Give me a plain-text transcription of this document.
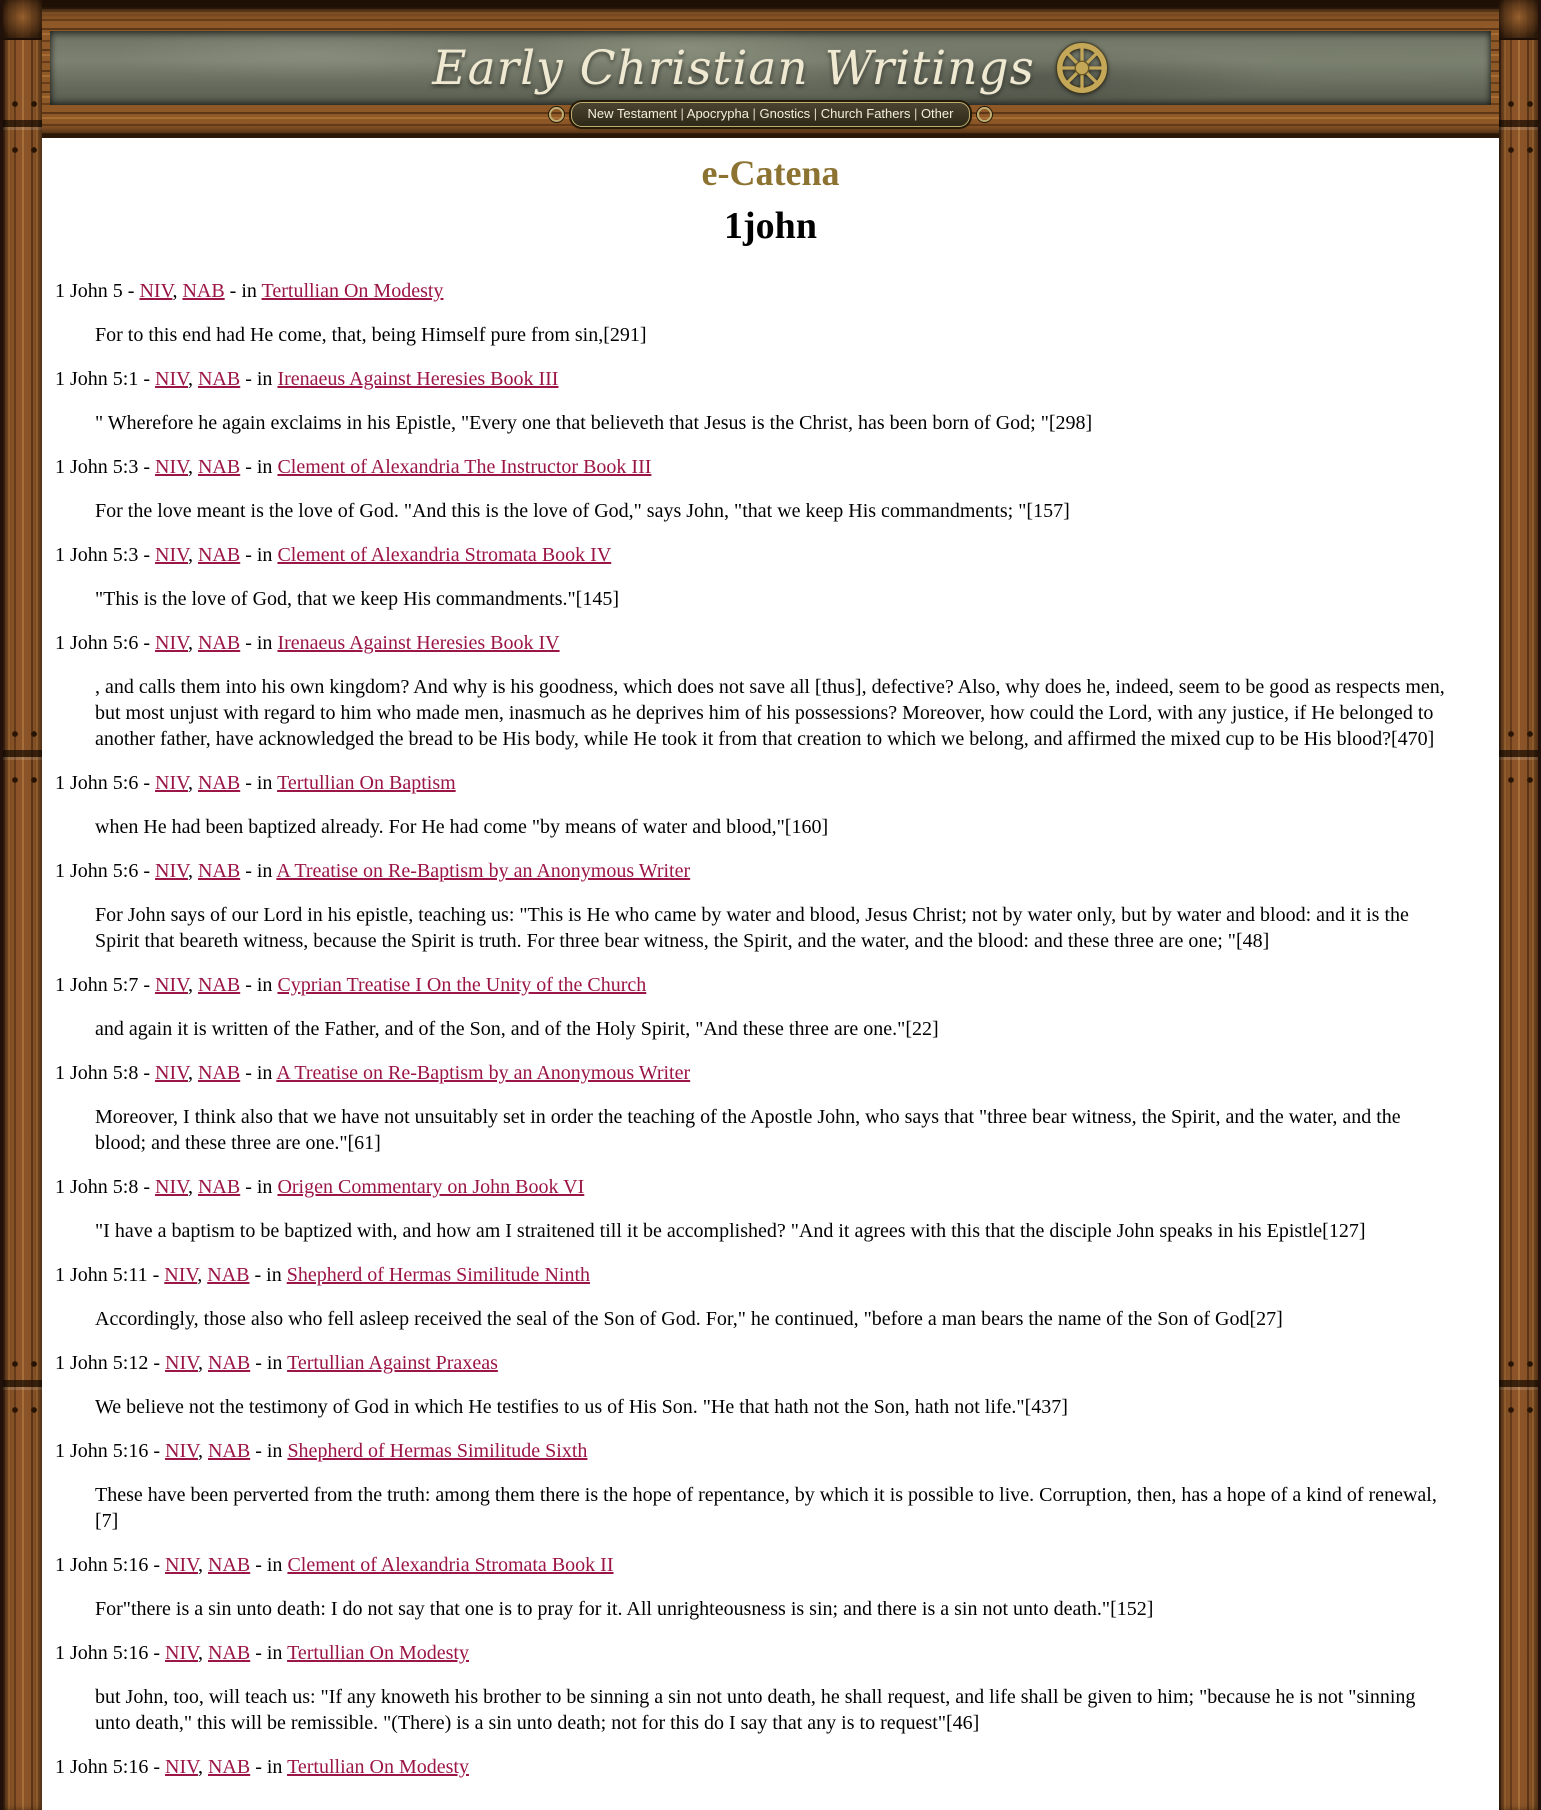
Early Christian Writings
New Testament | Apocrypha | Gnostics | Church Fathers | Other
e-Catena
1john

1 John 5 - NIV, NAB - in Tertullian On Modesty

For to this end had He come, that, being Himself pure from sin,[291]

1 John 5:1 - NIV, NAB - in Irenaeus Against Heresies Book III

" Wherefore he again exclaims in his Epistle, "Every one that believeth that Jesus is the Christ, has been born of God; "[298]

1 John 5:3 - NIV, NAB - in Clement of Alexandria The Instructor Book III

For the love meant is the love of God. "And this is the love of God," says John, "that we keep His commandments; "[157]

1 John 5:3 - NIV, NAB - in Clement of Alexandria Stromata Book IV

"This is the love of God, that we keep His commandments."[145]

1 John 5:6 - NIV, NAB - in Irenaeus Against Heresies Book IV

, and calls them into his own kingdom? And why is his goodness, which does not save all [thus], defective? Also, why does he, indeed, seem to be good as respects men, but most unjust with regard to him who made men, inasmuch as he deprives him of his possessions? Moreover, how could the Lord, with any justice, if He belonged to another father, have acknowledged the bread to be His body, while He took it from that creation to which we belong, and affirmed the mixed cup to be His blood?[470]

1 John 5:6 - NIV, NAB - in Tertullian On Baptism

when He had been baptized already. For He had come "by means of water and blood,"[160]

1 John 5:6 - NIV, NAB - in A Treatise on Re-Baptism by an Anonymous Writer

For John says of our Lord in his epistle, teaching us: "This is He who came by water and blood, Jesus Christ; not by water only, but by water and blood: and it is the Spirit that beareth witness, because the Spirit is truth. For three bear witness, the Spirit, and the water, and the blood: and these three are one; "[48]

1 John 5:7 - NIV, NAB - in Cyprian Treatise I On the Unity of the Church

and again it is written of the Father, and of the Son, and of the Holy Spirit, "And these three are one."[22]

1 John 5:8 - NIV, NAB - in A Treatise on Re-Baptism by an Anonymous Writer

Moreover, I think also that we have not unsuitably set in order the teaching of the Apostle John, who says that "three bear witness, the Spirit, and the water, and the blood; and these three are one."[61]

1 John 5:8 - NIV, NAB - in Origen Commentary on John Book VI

"I have a baptism to be baptized with, and how am I straitened till it be accomplished? "And it agrees with this that the disciple John speaks in his Epistle[127]

1 John 5:11 - NIV, NAB - in Shepherd of Hermas Similitude Ninth

Accordingly, those also who fell asleep received the seal of the Son of God. For," he continued, "before a man bears the name of the Son of God[27]

1 John 5:12 - NIV, NAB - in Tertullian Against Praxeas

We believe not the testimony of God in which He testifies to us of His Son. "He that hath not the Son, hath not life."[437]

1 John 5:16 - NIV, NAB - in Shepherd of Hermas Similitude Sixth

These have been perverted from the truth: among them there is the hope of repentance, by which it is possible to live. Corruption, then, has a hope of a kind of renewal,[7]

1 John 5:16 - NIV, NAB - in Clement of Alexandria Stromata Book II

For"there is a sin unto death: I do not say that one is to pray for it. All unrighteousness is sin; and there is a sin not unto death."[152]

1 John 5:16 - NIV, NAB - in Tertullian On Modesty

but John, too, will teach us: "If any knoweth his brother to be sinning a sin not unto death, he shall request, and life shall be given to him; "because he is not "sinning unto death," this will be remissible. "(There) is a sin unto death; not for this do I say that any is to request"[46]

1 John 5:16 - NIV, NAB - in Tertullian On Modesty
